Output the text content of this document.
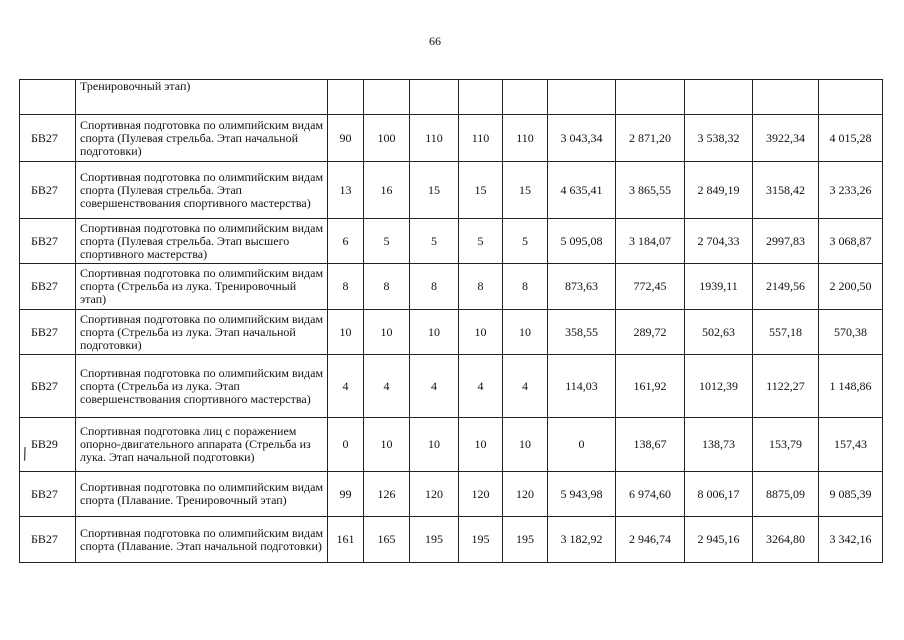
66
	Тренировочный этап)										
БВ27	Спортивная подготовка по олимпийским видам спорта (Пулевая стрельба. Этап начальной подготовки)	90	100	110	110	110	3 043,34	2 871,20	3 538,32	3922,34	4 015,28
БВ27	Спортивная подготовка по олимпийским видам спорта (Пулевая стрельба. Этап совершенствования спортивного мастерства)	13	16	15	15	15	4 635,41	3 865,55	2 849,19	3158,42	3 233,26
БВ27	Спортивная подготовка по олимпийским видам спорта (Пулевая стрельба. Этап высшего спортивного мастерства)	6	5	5	5	5	5 095,08	3 184,07	2 704,33	2997,83	3 068,87
БВ27	Спортивная подготовка по олимпийским видам спорта (Стрельба из лука. Тренировочный этап)	8	8	8	8	8	873,63	772,45	1939,11	2149,56	2 200,50
БВ27	Спортивная подготовка по олимпийским видам спорта (Стрельба из лука. Этап начальной подготовки)	10	10	10	10	10	358,55	289,72	502,63	557,18	570,38
БВ27	Спортивная подготовка по олимпийским видам спорта (Стрельба из лука. Этап совершенствования спортивного мастерства)	4	4	4	4	4	114,03	161,92	1012,39	1122,27	1 148,86
БВ29	Спортивная подготовка лиц с поражением опорно-двигательного аппарата (Стрельба из лука. Этап начальной подготовки)	0	10	10	10	10	0	138,67	138,73	153,79	157,43
БВ27	Спортивная подготовка по олимпийским видам спорта (Плавание. Тренировочный этап)	99	126	120	120	120	5 943,98	6 974,60	8 006,17	8875,09	9 085,39
БВ27	Спортивная подготовка по олимпийским видам спорта (Плавание. Этап начальной подготовки)	161	165	195	195	195	3 182,92	2 946,74	2 945,16	3264,80	3 342,16
/
